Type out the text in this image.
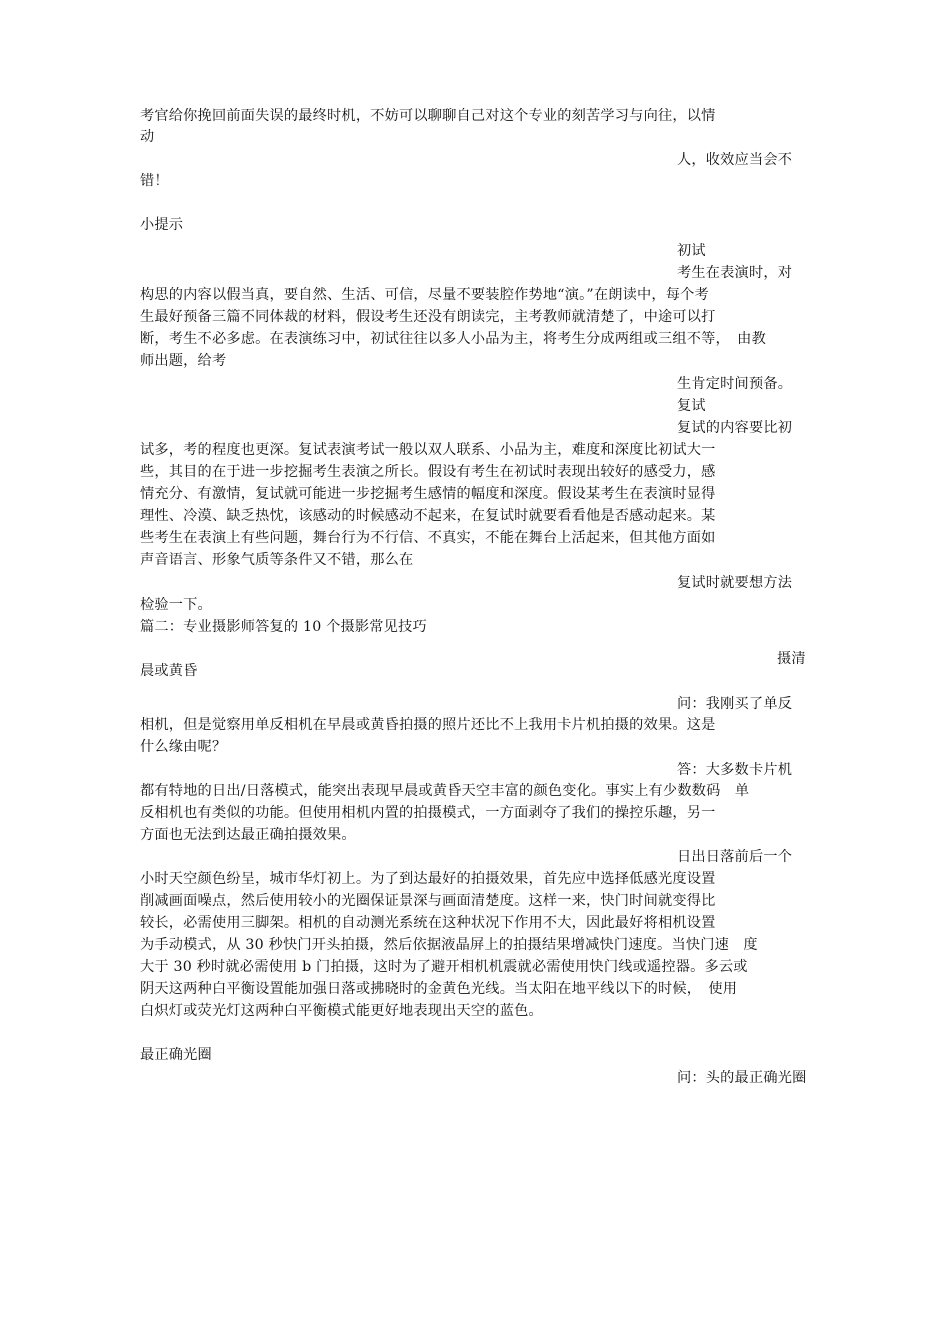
考官给你挽回前面失误的最终时机，不妨可以聊聊自己对这个专业的刻苦学习与向往，以情
动
人，收效应当会不
错！
小提示
初试
考生在表演时，对
构思的内容以假当真，要自然、生活、可信，尽量不要装腔作势地“演。”在朗读中，每个考
生最好预备三篇不同体裁的材料，假设考生还没有朗读完，主考教师就清楚了，中途可以打
断，考生不必多虑。在表演练习中，初试往往以多人小品为主，将考生分成两组或三组不等，　由教
师出题，给考
生肯定时间预备。
复试
复试的内容要比初
试多，考的程度也更深。复试表演考试一般以双人联系、小品为主，难度和深度比初试大一
些，其目的在于进一步挖掘考生表演之所长。假设有考生在初试时表现出较好的感受力，感
情充分、有激情，复试就可能进一步挖掘考生感情的幅度和深度。假设某考生在表演时显得
理性、冷漠、缺乏热忱，该感动的时候感动不起来，在复试时就要看看他是否感动起来。某
些考生在表演上有些问题，舞台行为不行信、不真实，不能在舞台上活起来，但其他方面如
声音语言、形象气质等条件又不错，那么在
复试时就要想方法
检验一下。
篇二：专业摄影师答复的 10 个摄影常见技巧
摄清
晨或黄昏
问：我刚买了单反
相机，但是觉察用单反相机在早晨或黄昏拍摄的照片还比不上我用卡片机拍摄的效果。这是
什么缘由呢？
答：大多数卡片机
都有特地的日出/日落模式，能突出表现早晨或黄昏天空丰富的颜色变化。事实上有少数数码　单
反相机也有类似的功能。但使用相机内置的拍摄模式，一方面剥夺了我们的操控乐趣，另一
方面也无法到达最正确拍摄效果。
日出日落前后一个
小时天空颜色纷呈，城市华灯初上。为了到达最好的拍摄效果，首先应中选择低感光度设置
削减画面噪点，然后使用较小的光圈保证景深与画面清楚度。这样一来，快门时间就变得比
较长，必需使用三脚架。相机的自动测光系统在这种状况下作用不大，因此最好将相机设置
为手动模式，从 30 秒快门开头拍摄，然后依据液晶屏上的拍摄结果增减快门速度。当快门速　度
大于 30 秒时就必需使用 b 门拍摄，这时为了避开相机机震就必需使用快门线或遥控器。多云或
阴天这两种白平衡设置能加强日落或拂晓时的金黄色光线。当太阳在地平线以下的时候，　使用
白炽灯或荧光灯这两种白平衡模式能更好地表现出天空的蓝色。
最正确光圈
问：头的最正确光圈
